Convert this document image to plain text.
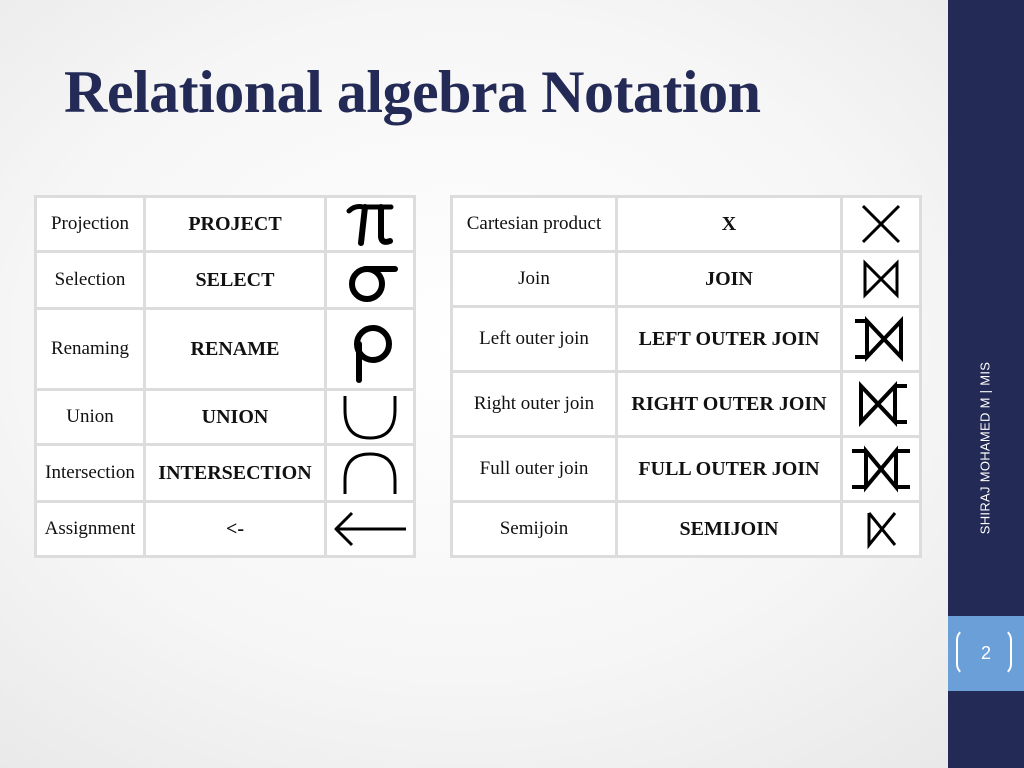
Relational algebra Notation
Projection	PROJECT	

Selection	SELECT	

Renaming	RENAME	

Union	UNION	

Intersection	INTERSECTION	

Assignment	<-	
Cartesian product	X	

Join	JOIN	

Left outer join	LEFT OUTER JOIN	

Right outer join	RIGHT OUTER JOIN	

Full outer join	FULL OUTER JOIN	

Semijoin	SEMIJOIN		SHIRAJ MOHAMED M | MIS
2
